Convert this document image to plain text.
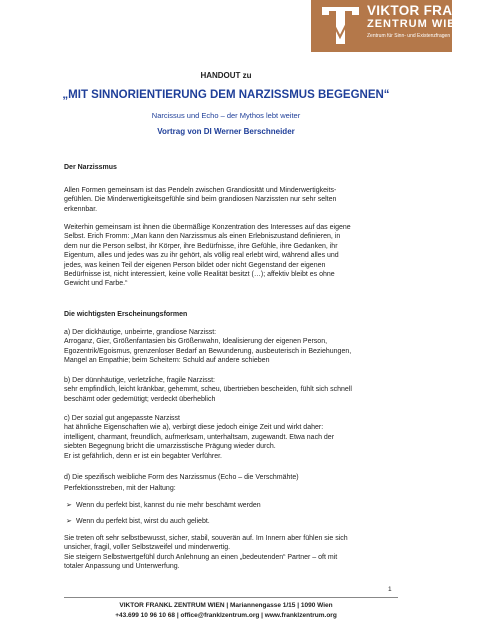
VIKTOR FRANKL
ZENTRUM WIEN
Zentrum für Sinn- und Existenzfragen
HANDOUT zu
„MIT SINNORIENTIERUNG DEM NARZISSMUS BEGEGNEN“
Narcissus und Echo – der Mythos lebt weiter
Vortrag von DI Werner Berschneider
Der Narzissmus
Allen Formen gemeinsam ist das Pendeln zwischen Grandiosität und Minderwertigkeits-
gefühlen. Die Minderwertigkeitsgefühle sind beim grandiosen Narzissten nur sehr selten
erkennbar.
Weiterhin gemeinsam ist ihnen die übermäßige Konzentration des Interesses auf das eigene
Selbst. Erich Fromm: „Man kann den Narzissmus als einen Erlebniszustand definieren, in
dem nur die Person selbst, ihr Körper, ihre Bedürfnisse, ihre Gefühle, ihre Gedanken, ihr
Eigentum, alles und jedes was zu ihr gehört, als völlig real erlebt wird, während alles und
jedes, was keinen Teil der eigenen Person bildet oder nicht Gegenstand der eigenen
Bedürfnisse ist, nicht interessiert, keine volle Realität besitzt (…); affektiv bleibt es ohne
Gewicht und Farbe.“
Die wichtigsten Erscheinungsformen
a) Der dickhäutige, unbeirrte, grandiose Narzisst:
Arroganz, Gier, Größenfantasien bis Größenwahn, Idealisierung der eigenen Person,
Egozentrik/Egoismus, grenzenloser Bedarf an Bewunderung, ausbeuterisch in Beziehungen,
Mangel an Empathie; beim Scheitern: Schuld auf andere schieben
b) Der dünnhäutige, verletzliche, fragile Narzisst:
sehr empfindlich, leicht kränkbar, gehemmt, scheu, übertrieben bescheiden, fühlt sich schnell
beschämt oder gedemütigt; verdeckt überheblich
c) Der sozial gut angepasste Narzisst
hat ähnliche Eigenschaften wie a), verbirgt diese jedoch einige Zeit und wirkt daher:
intelligent, charmant, freundlich, aufmerksam, unterhaltsam, zugewandt. Etwa nach der
siebten Begegnung bricht die urnarzisstische Prägung wieder durch.
Er ist gefährlich, denn er ist ein begabter Verführer.
d) Die spezifisch weibliche Form des Narzissmus (Echo – die Verschmähte)
Perfektionsstreben, mit der Haltung:
➢ Wenn du perfekt bist, kannst du nie mehr beschämt werden
➢ Wenn du perfekt bist, wirst du auch geliebt.
Sie treten oft sehr selbstbewusst, sicher, stabil, souverän auf. Im Innern aber fühlen sie sich
unsicher, fragil, voller Selbstzweifel und minderwertig.
Sie steigern Selbstwertgefühl durch Anlehnung an einen „bedeutenden“ Partner – oft mit
totaler Anpassung und Unterwerfung.
1
VIKTOR FRANKL ZENTRUM WIEN | Mariannengasse 1/15 | 1090 Wien
+43.699 10 96 10 68 | office@franklzentrum.org | www.franklzentrum.org
